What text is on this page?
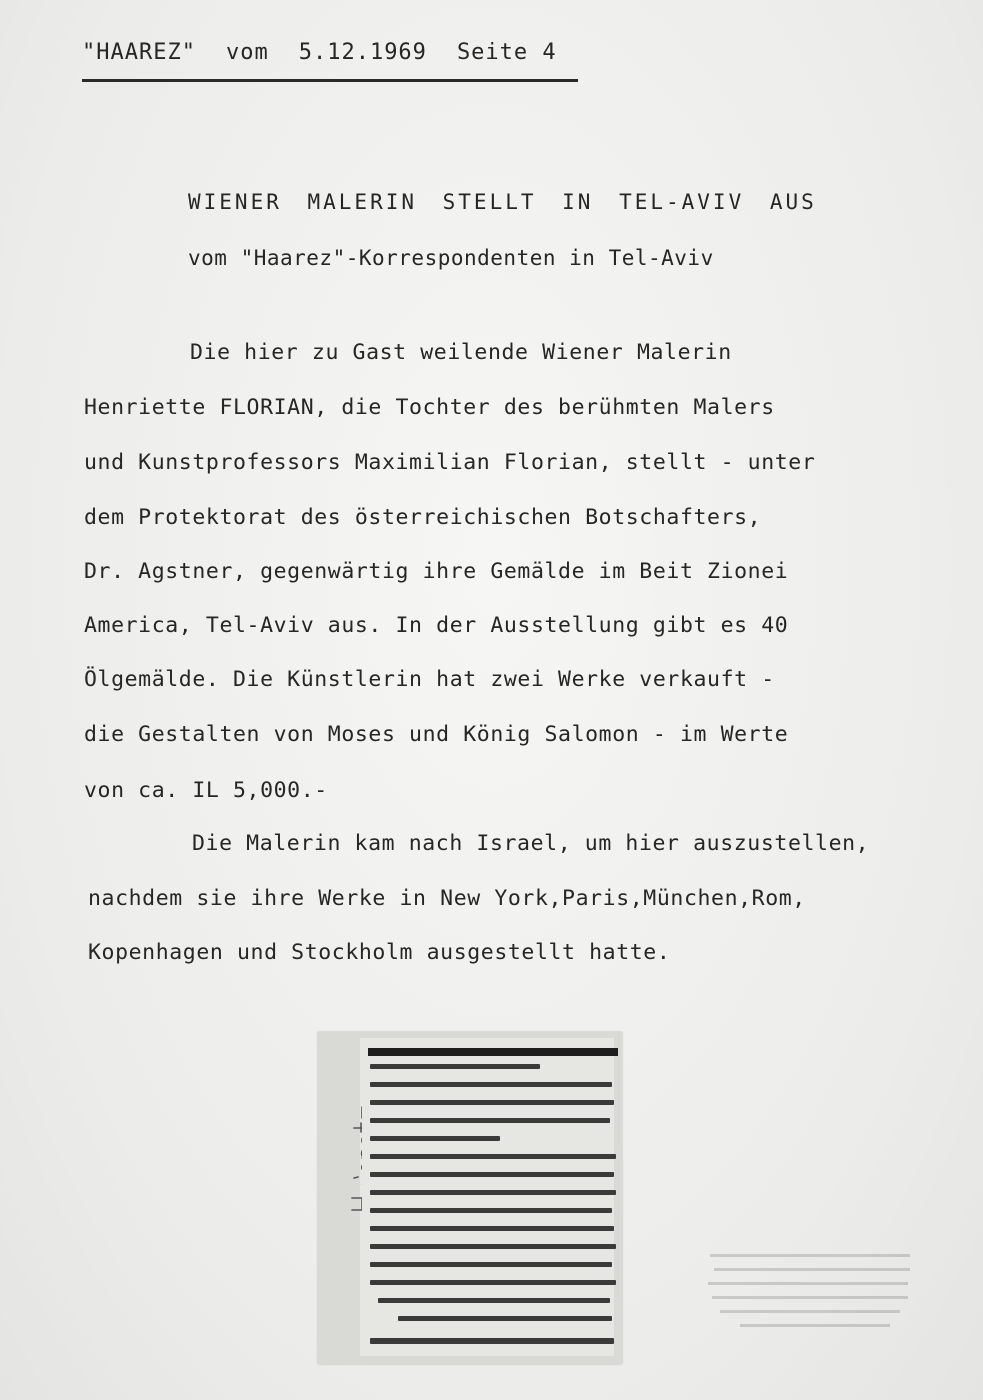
"HAAREZ" vom 5.12.1969 Seite 4
WIENER MALERIN STELLT IN TEL-AVIV AUS
vom "Haarez"-Korrespondenten in Tel-Aviv
Die hier zu Gast weilende Wiener Malerin
Henriette FLORIAN, die Tochter des berühmten Malers
und Kunstprofessors Maximilian Florian, stellt - unter
dem Protektorat des österreichischen Botschafters,
Dr. Agstner, gegenwärtig ihre Gemälde im Beit Zionei
America, Tel-Aviv aus. In der Ausstellung gibt es 40
Ölgemälde. Die Künstlerin hat zwei Werke verkauft -
die Gestalten von Moses und König Salomon - im Werte
von ca. IL 5,000.-
Die Malerin kam nach Israel, um hier auszustellen,
nachdem sie ihre Werke in New York,Paris,München,Rom,
Kopenhagen und Stockholm ausgestellt hatte.
